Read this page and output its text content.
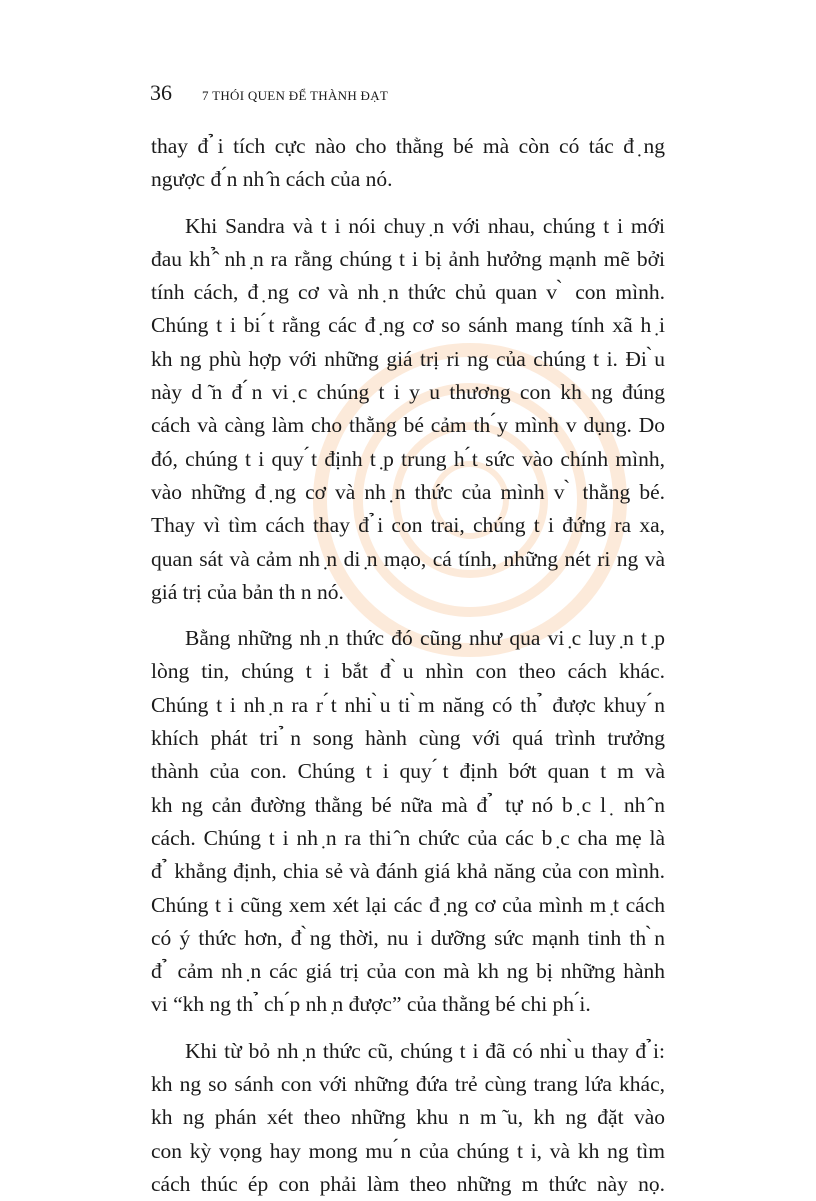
36 7 THÓI QUEN ĐỂ THÀNH ĐẠT

thay đ ̉i tích cực nào cho thằng bé mà còn có tác đ ̣ng
ngược đ ́n nh ̂n cách của nó.

Khi Sandra và t i nói chuy ̣n với nhau, chúng t i mới
đau kh ̂̉ nh ̣n ra rằng chúng t i bị ảnh hưởng mạnh mẽ bởi
tính cách, đ ̣ng cơ và nh ̣n thức chủ quan v ̀ con mình.
Chúng t i bi ́t rằng các đ ̣ng cơ so sánh mang tính xã h ̣i
kh ng phù hợp với những giá trị ri ng của chúng t i. Đi ̀u
này d ̃n đ ́n vi ̣c chúng t i y u thương con kh ng đúng
cách và càng làm cho thằng bé cảm th ́y mình v dụng. Do
đó, chúng t i quy ́t định t ̣p trung h ́t sức vào chính mình,
vào những đ ̣ng cơ và nh ̣n thức của mình v ̀ thằng bé.
Thay vì tìm cách thay đ ̉i con trai, chúng t i đứng ra xa,
quan sát và cảm nh ̣n di ̣n mạo, cá tính, những nét ri ng và
giá trị của bản th n nó.

Bằng những nh ̣n thức đó cũng như qua vi ̣c luy ̣n t ̣p
lòng tin, chúng t i bắt đ ̀u nhìn con theo cách khác.
Chúng t i nh ̣n ra r ́t nhi ̀u ti ̀m năng có th ̉ được khuy ́n
khích phát tri ̉n song hành cùng với quá trình trưởng
thành của con. Chúng t i quy ́t định bớt quan t m và
kh ng cản đường thằng bé nữa mà đ ̉ tự nó b ̣c l ̣ nh ̂n
cách. Chúng t i nh ̣n ra thi ̂n chức của các b ̣c cha mẹ là
đ ̉ khẳng định, chia sẻ và đánh giá khả năng của con mình.
Chúng t i cũng xem xét lại các đ ̣ng cơ của mình m ̣t cách
có ý thức hơn, đ ̀ng thời, nu i dưỡng sức mạnh tinh th ̀n
đ ̉ cảm nh ̣n các giá trị của con mà kh ng bị những hành
vi “kh ng th ̉ ch ́p nh ̣n được” của thằng bé chi ph ́i.

Khi từ bỏ nh ̣n thức cũ, chúng t i đã có nhi ̀u thay đ ̉i:
kh ng so sánh con với những đứa trẻ cùng trang lứa khác,
kh ng phán xét theo những khu n m ̃u, kh ng đặt vào
con kỳ vọng hay mong mu ́n của chúng t i, và kh ng tìm
cách thúc ép con phải làm theo những m thức này nọ.
